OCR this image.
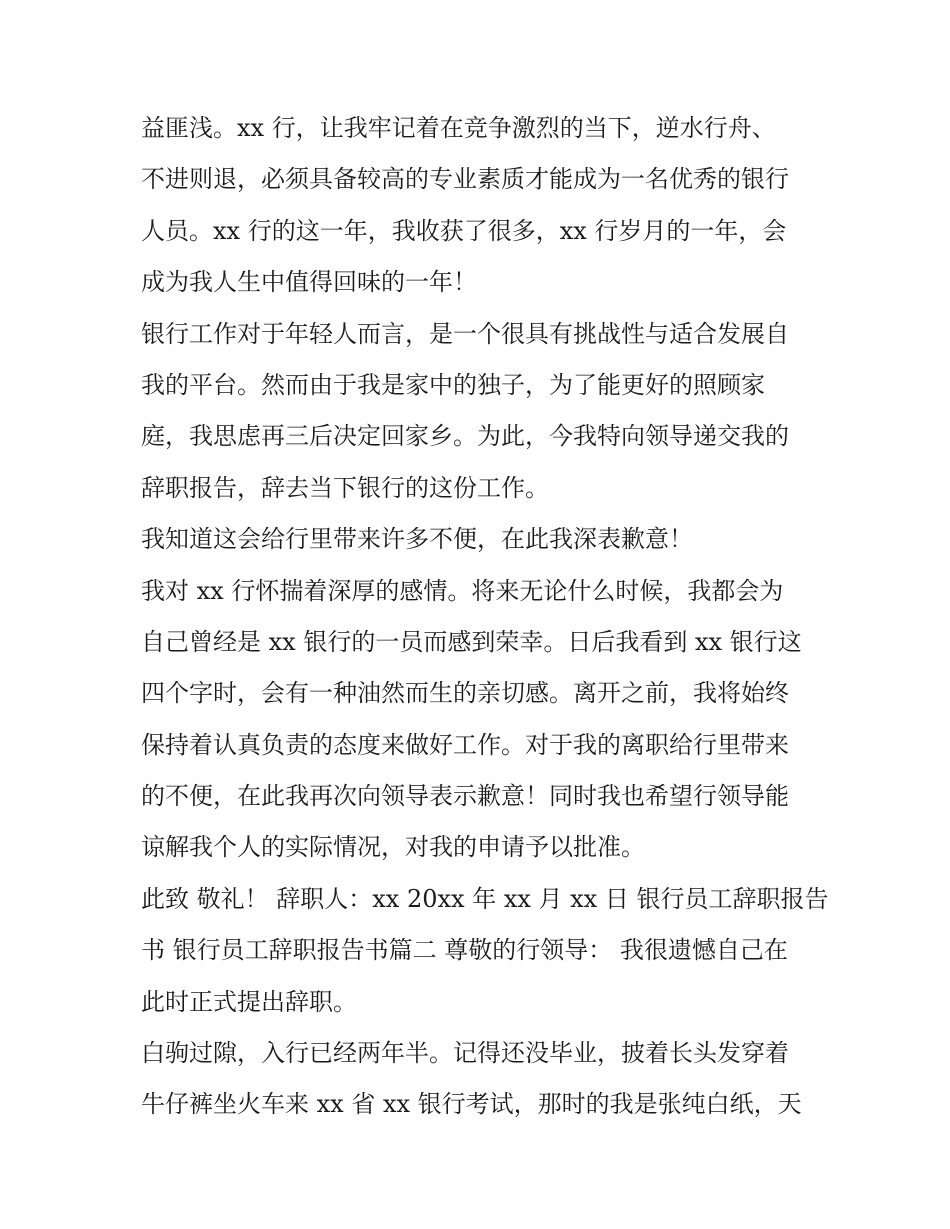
益匪浅。xx 行，让我牢记着在竞争激烈的当下，逆水行舟、
不进则退，必须具备较高的专业素质才能成为一名优秀的银行
人员。xx 行的这一年，我收获了很多，xx 行岁月的一年，会
成为我人生中值得回味的一年！
银行工作对于年轻人而言，是一个很具有挑战性与适合发展自
我的平台。然而由于我是家中的独子，为了能更好的照顾家
庭，我思虑再三后决定回家乡。为此，今我特向领导递交我的
辞职报告，辞去当下银行的这份工作。
我知道这会给行里带来许多不便，在此我深表歉意！
我对 xx 行怀揣着深厚的感情。将来无论什么时候，我都会为
自己曾经是 xx 银行的一员而感到荣幸。日后我看到 xx 银行这
四个字时，会有一种油然而生的亲切感。离开之前，我将始终
保持着认真负责的态度来做好工作。对于我的离职给行里带来
的不便，在此我再次向领导表示歉意！同时我也希望行领导能
谅解我个人的实际情况，对我的申请予以批准。
此致 敬礼！ 辞职人：xx 20xx 年 xx 月 xx 日 银行员工辞职报告
书 银行员工辞职报告书篇二 尊敬的行领导： 我很遗憾自己在
此时正式提出辞职。
白驹过隙，入行已经两年半。记得还没毕业，披着长头发穿着
牛仔裤坐火车来 xx 省 xx 银行考试，那时的我是张纯白纸，天
